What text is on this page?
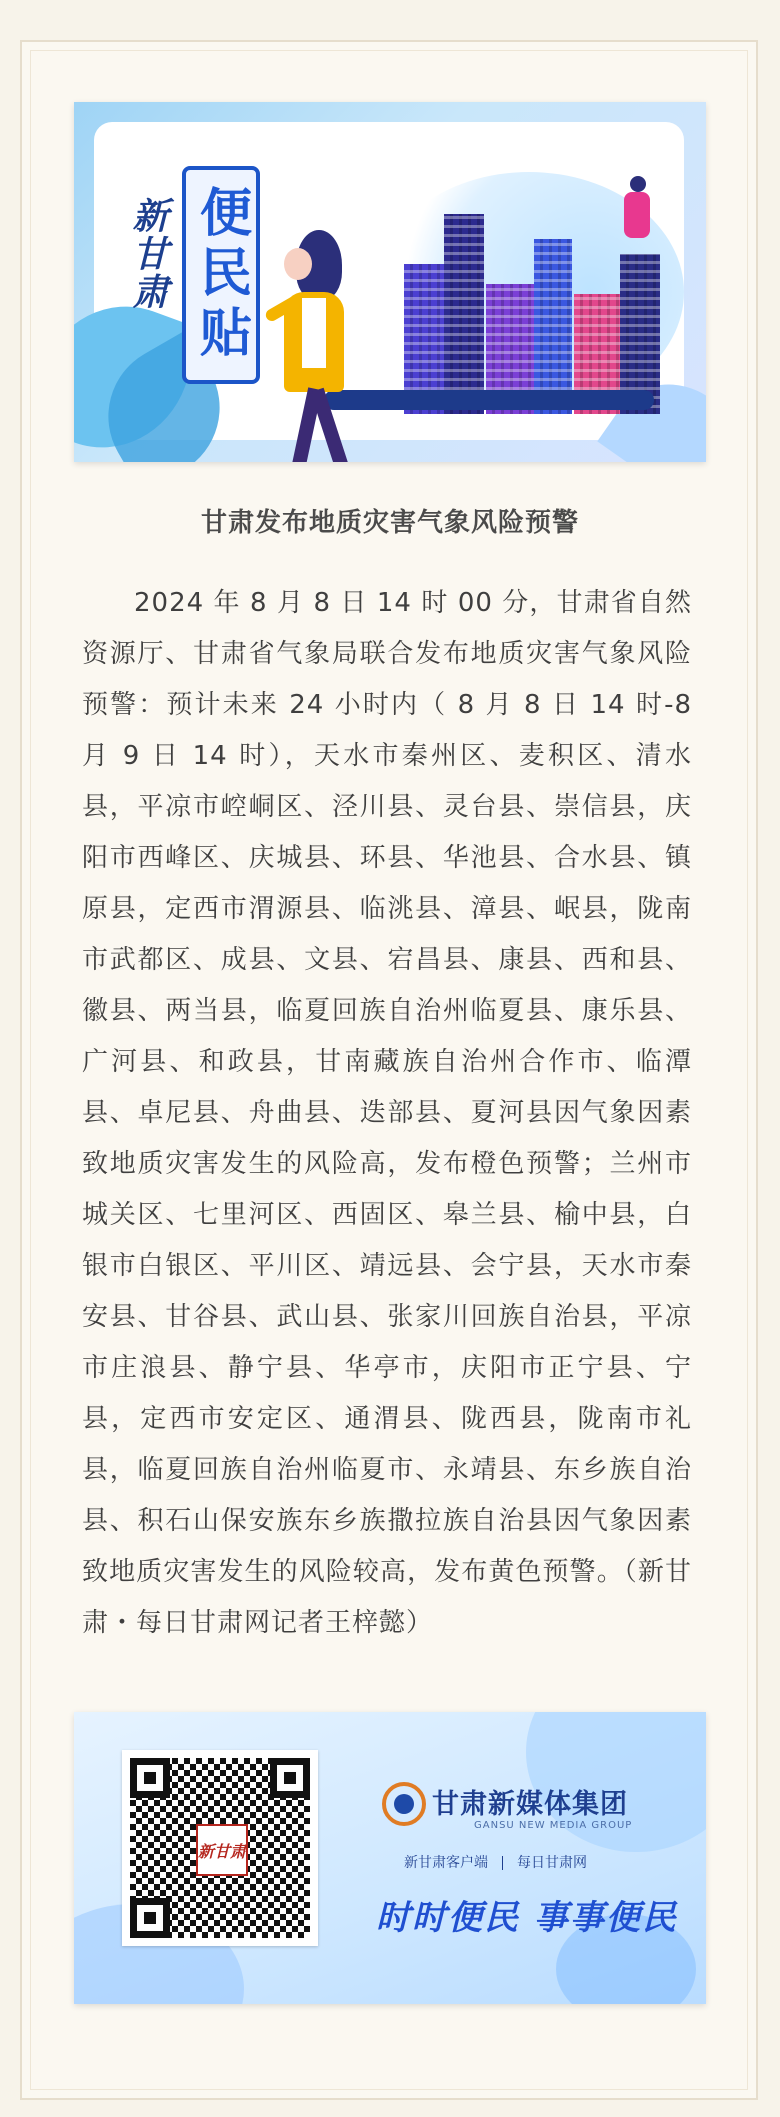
新甘肃 便民贴
甘肃发布地质灾害气象风险预警

2024 年 8 月 8 日 14 时 00 分，甘肃省自然资源厅、甘肃省气象局联合发布地质灾害气象风险预警：预计未来 24 小时内（ 8 月 8 日 14 时-8 月 9 日 14 时），天水市秦州区、麦积区、清水县，平凉市崆峒区、泾川县、灵台县、崇信县，庆阳市西峰区、庆城县、环县、华池县、合水县、镇原县，定西市渭源县、临洮县、漳县、岷县，陇南市武都区、成县、文县、宕昌县、康县、西和县、徽县、两当县，临夏回族自治州临夏县、康乐县、广河县、和政县，甘南藏族自治州合作市、临潭县、卓尼县、舟曲县、迭部县、夏河县因气象因素致地质灾害发生的风险高，发布橙色预警；兰州市城关区、七里河区、西固区、皋兰县、榆中县，白银市白银区、平川区、靖远县、会宁县，天水市秦安县、甘谷县、武山县、张家川回族自治县，平凉市庄浪县、静宁县、华亭市，庆阳市正宁县、宁县，定西市安定区、通渭县、陇西县，陇南市礼县，临夏回族自治州临夏市、永靖县、东乡族自治县、积石山保安族东乡族撒拉族自治县因气象因素致地质灾害发生的风险较高，发布黄色预警。（新甘肃・每日甘肃网记者王梓懿）

新甘肃
甘肃新媒体集团
GANSU NEW MEDIA GROUP
新甘肃客户端 每日甘肃网
时时便民 事事便民
